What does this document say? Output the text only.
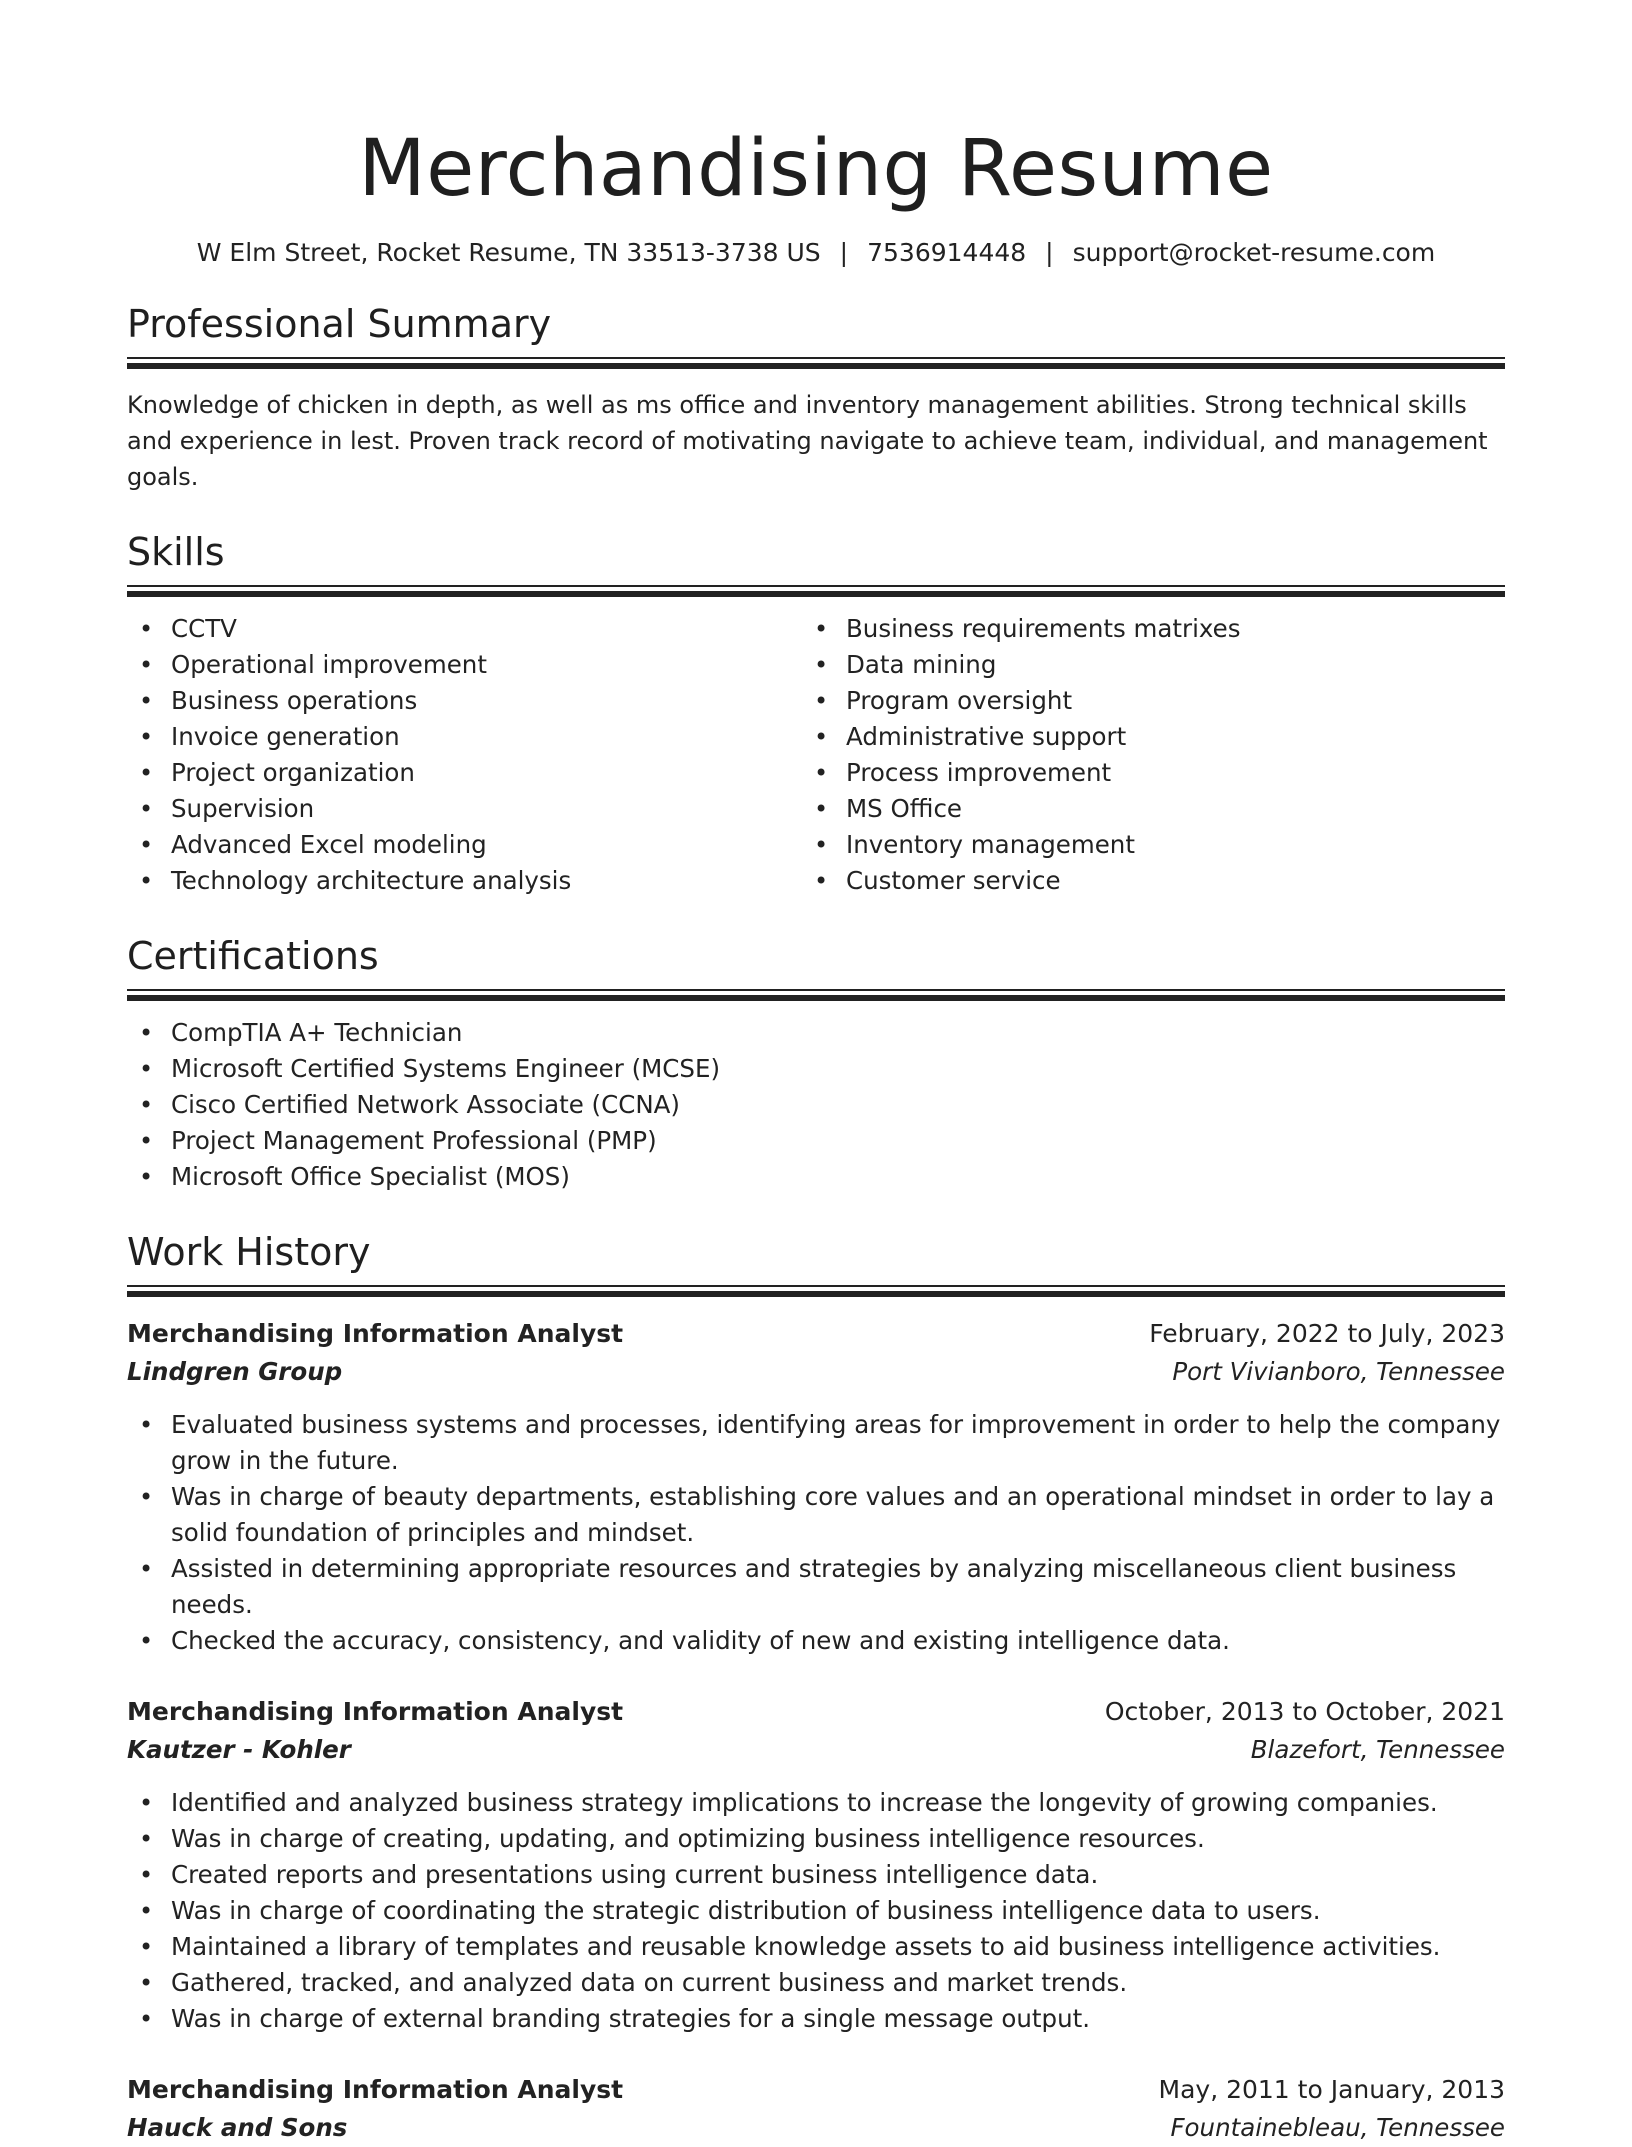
Merchandising Resume
W Elm Street, Rocket Resume, TN 33513-3738 US | 7536914448 | support@rocket-resume.com
Professional Summary

Knowledge of chicken in depth, as well as ms office and inventory management abilities. Strong technical skills and experience in lest. Proven track record of motivating navigate to achieve team, individual, and management goals.

Skills
• CCTV
• Operational improvement
• Business operations
• Invoice generation
• Project organization
• Supervision
• Advanced Excel modeling
• Technology architecture analysis
• Business requirements matrixes
• Data mining
• Program oversight
• Administrative support
• Process improvement
• MS Office
• Inventory management
• Customer service
Certifications
• CompTIA A+ Technician
• Microsoft Certified Systems Engineer (MCSE)
• Cisco Certified Network Associate (CCNA)
• Project Management Professional (PMP)
• Microsoft Office Specialist (MOS)
Work History
Merchandising Information Analyst	February, 2022 to July, 2023
Lindgren Group	Port Vivianboro, Tennessee
• Evaluated business systems and processes, identifying areas for improvement in order to help the company grow in the future.
• Was in charge of beauty departments, establishing core values and an operational mindset in order to lay a solid foundation of principles and mindset.
• Assisted in determining appropriate resources and strategies by analyzing miscellaneous client business needs.
• Checked the accuracy, consistency, and validity of new and existing intelligence data.
Merchandising Information Analyst	October, 2013 to October, 2021
Kautzer - Kohler	Blazefort, Tennessee
• Identified and analyzed business strategy implications to increase the longevity of growing companies.
• Was in charge of creating, updating, and optimizing business intelligence resources.
• Created reports and presentations using current business intelligence data.
• Was in charge of coordinating the strategic distribution of business intelligence data to users.
• Maintained a library of templates and reusable knowledge assets to aid business intelligence activities.
• Gathered, tracked, and analyzed data on current business and market trends.
• Was in charge of external branding strategies for a single message output.
Merchandising Information Analyst	May, 2011 to January, 2013
Hauck and Sons	Fountainebleau, Tennessee
